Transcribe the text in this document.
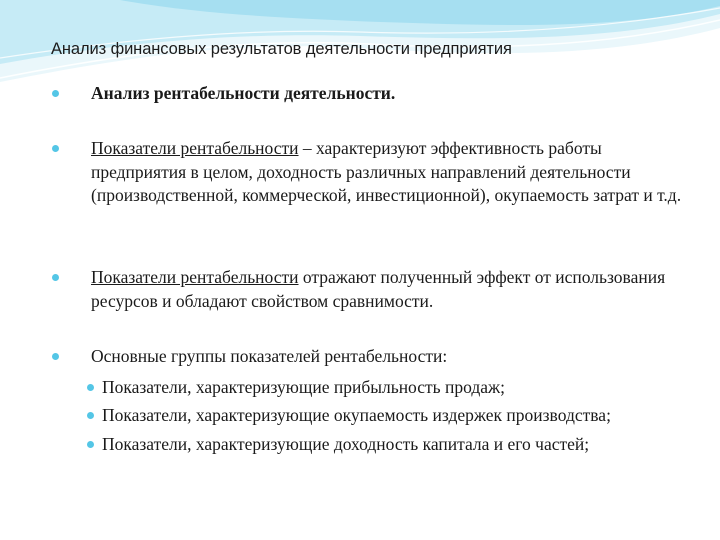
Анализ финансовых результатов деятельности предприятия
Анализ рентабельности деятельности.
Показатели рентабельности – характеризуют эффективность работы предприятия в целом, доходность различных направлений деятельности (производственной, коммерческой, инвестиционной), окупаемость затрат и т.д.
Показатели рентабельности отражают полученный эффект от использования ресурсов и обладают свойством сравнимости.
Основные группы показателей рентабельности:
Показатели, характеризующие прибыльность продаж;
Показатели, характеризующие окупаемость издержек производства;
Показатели, характеризующие доходность капитала и его частей;
